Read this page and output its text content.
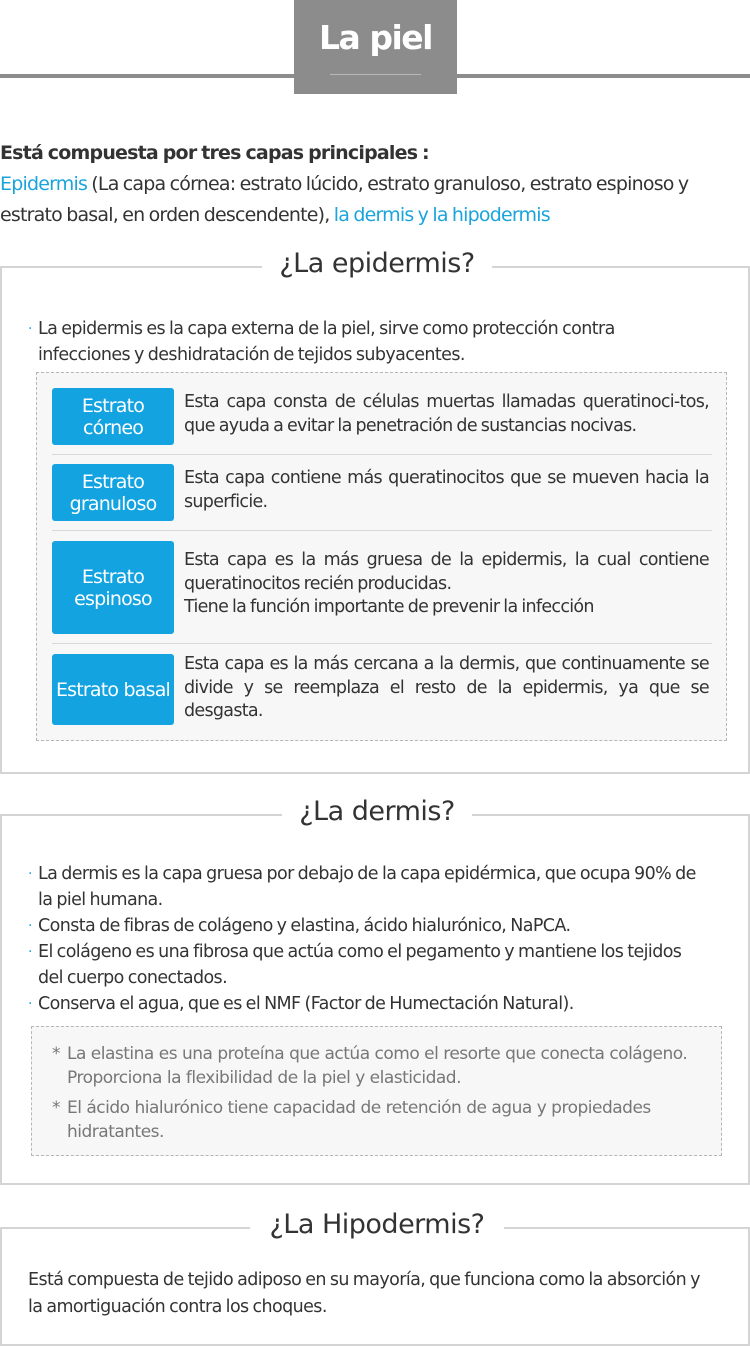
La piel
Está compuesta por tres capas principales :
Epidermis (La capa córnea: estrato lúcido, estrato granuloso, estrato espinoso y estrato basal, en orden descendente), la dermis y la hipodermis
¿La epidermis?
· La epidermis es la capa externa de la piel, sirve como protección contra infecciones y deshidratación de tejidos subyacentes.
Estrato córneo
Esta capa consta de células muertas llamadas queratinoci-tos, que ayuda a evitar la penetración de sustancias nocivas.
Estrato granuloso
Esta capa contiene más queratinocitos que se mueven hacia la superficie.
Estrato espinoso
Esta capa es la más gruesa de la epidermis, la cual contiene queratinocitos recién producidas.
Tiene la función importante de prevenir la infección
Estrato basal
Esta capa es la más cercana a la dermis, que continuamente se divide y se reemplaza el resto de la epidermis, ya que se desgasta.
¿La dermis?
· La dermis es la capa gruesa por debajo de la capa epidérmica, que ocupa 90% de la piel humana.
· Consta de fibras de colágeno y elastina, ácido hialurónico, NaPCA.
· El colágeno es una fibrosa que actúa como el pegamento y mantiene los tejidos del cuerpo conectados.
· Conserva el agua, que es el NMF (Factor de Humectación Natural).
* La elastina es una proteína que actúa como el resorte que conecta colágeno. Proporciona la flexibilidad de la piel y elasticidad.
* El ácido hialurónico tiene capacidad de retención de agua y propiedades hidratantes.
¿La Hipodermis?
Está compuesta de tejido adiposo en su mayoría, que funciona como la absorción y la amortiguación contra los choques.
